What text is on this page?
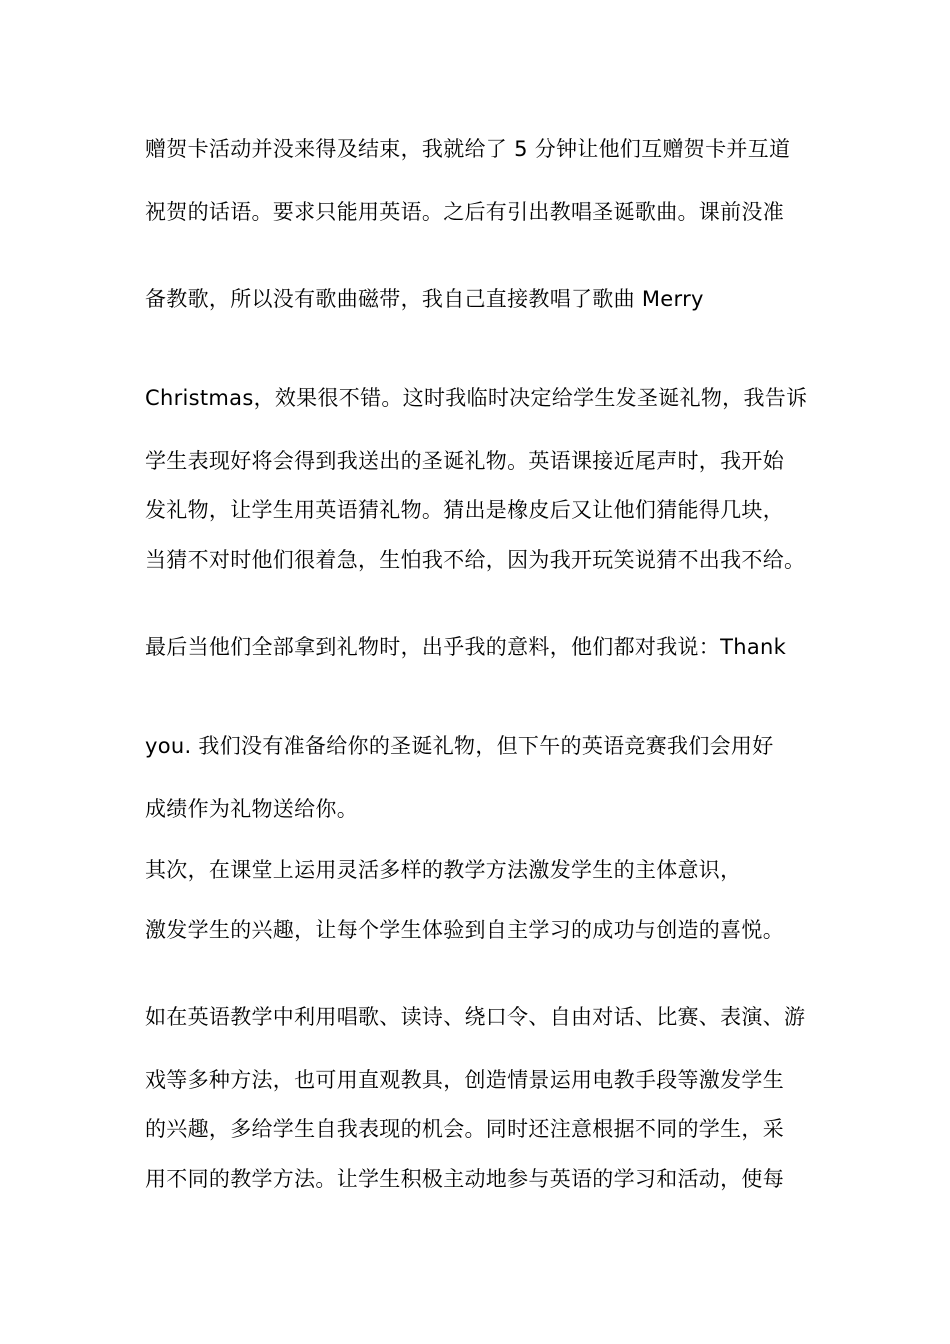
赠贺卡活动并没来得及结束，我就给了 5 分钟让他们互赠贺卡并互道

祝贺的话语。要求只能用英语。之后有引出教唱圣诞歌曲。课前没准

备教歌，所以没有歌曲磁带，我自己直接教唱了歌曲 Merry

Christmas，效果很不错。这时我临时决定给学生发圣诞礼物，我告诉

学生表现好将会得到我送出的圣诞礼物。英语课接近尾声时，我开始

发礼物，让学生用英语猜礼物。猜出是橡皮后又让他们猜能得几块，

当猜不对时他们很着急，生怕我不给，因为我开玩笑说猜不出我不给。

最后当他们全部拿到礼物时，出乎我的意料，他们都对我说：Thank

you. 我们没有准备给你的圣诞礼物，但下午的英语竞赛我们会用好

成绩作为礼物送给你。

其次，在课堂上运用灵活多样的教学方法激发学生的主体意识，

激发学生的兴趣，让每个学生体验到自主学习的成功与创造的喜悦。

如在英语教学中利用唱歌、读诗、绕口令、自由对话、比赛、表演、游

戏等多种方法，也可用直观教具，创造情景运用电教手段等激发学生

的兴趣，多给学生自我表现的机会。同时还注意根据不同的学生，采

用不同的教学方法。让学生积极主动地参与英语的学习和活动，使每
